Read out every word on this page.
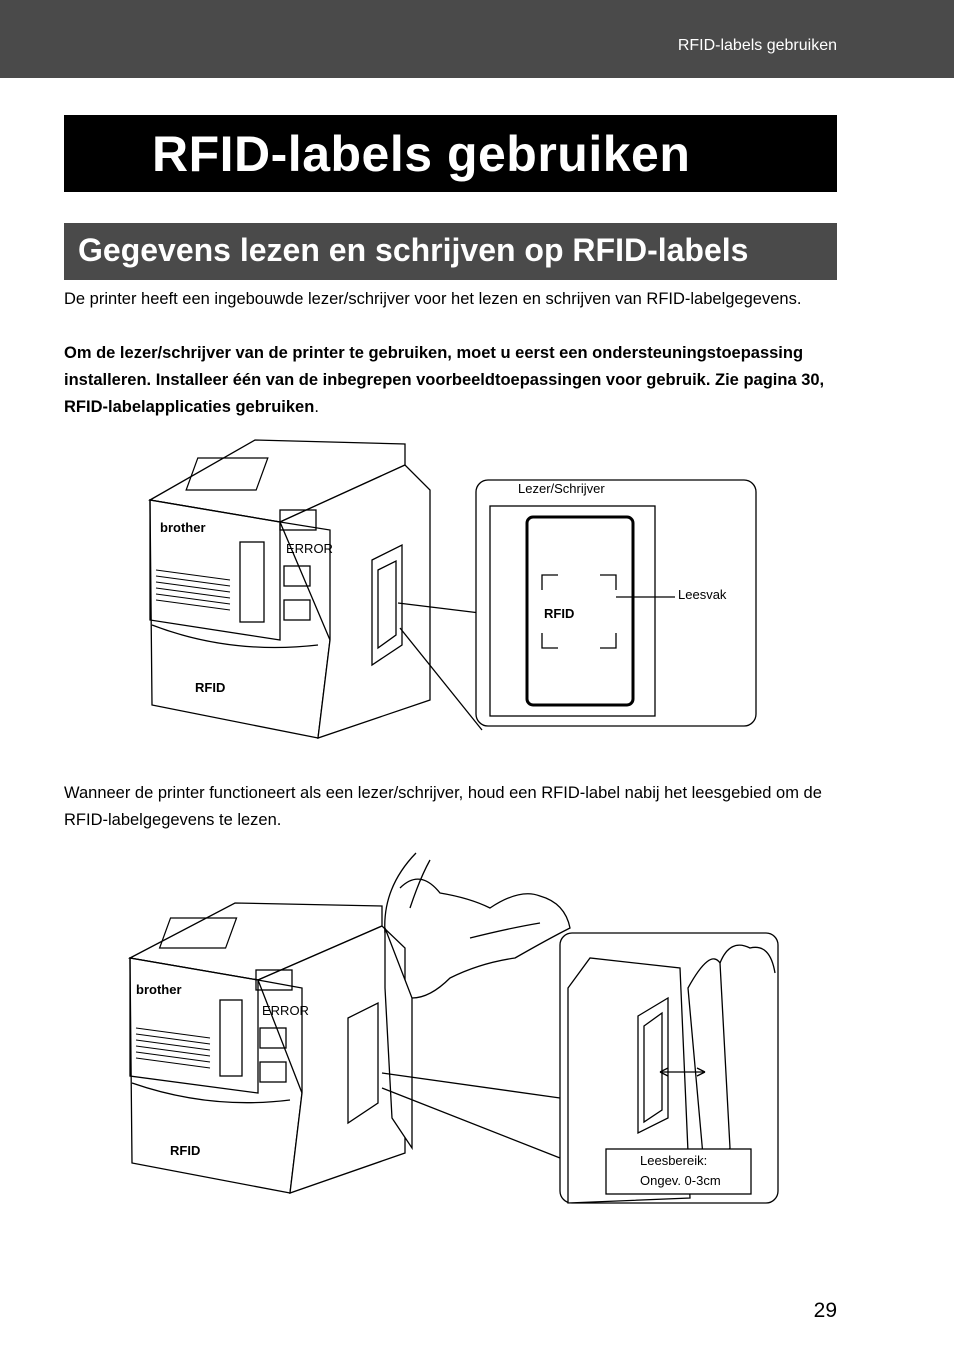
RFID-labels gebruiken
RFID-labels gebruiken
Gegevens lezen en schrijven op RFID-labels

De printer heeft een ingebouwde lezer/schrijver voor het lezen en schrijven van RFID-labelgegevens.

Om de lezer/schrijver van de printer te gebruiken, moet u eerst een ondersteuningstoepassing installeren. Installeer één van de inbegrepen voorbeeldtoepassingen voor gebruik. Zie pagina 30, RFID-labelapplicaties gebruiken.

brother
ERROR
RFID
Lezer/Schrijver
RFID
Leesvak

Wanneer de printer functioneert als een lezer/schrijver, houd een RFID-label nabij het leesgebied om de RFID-labelgegevens te lezen.

brother
ERROR
RFID
Leesbereik:
Ongev. 0-3cm
29
